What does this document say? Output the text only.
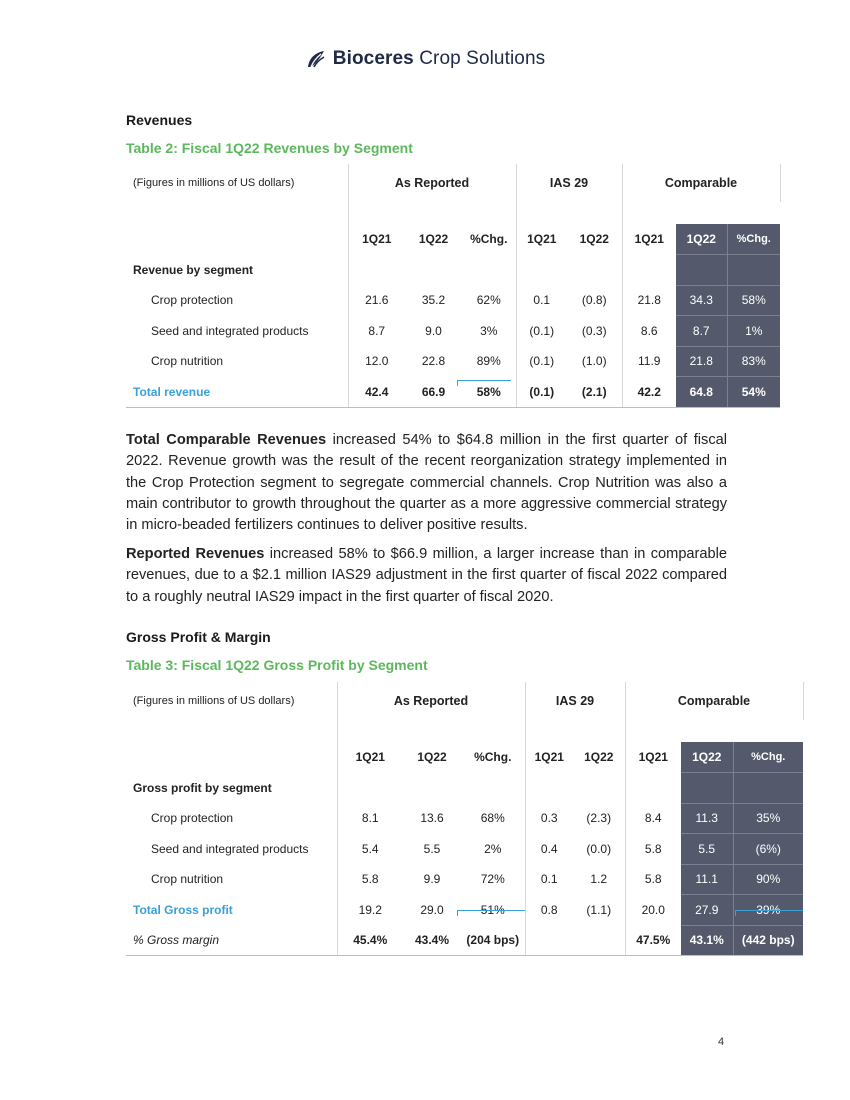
Bioceres Crop Solutions
Revenues
Table 2: Fiscal 1Q22 Revenues by Segment
(Figures in millions of US dollars)	As Reported			IAS 29		Comparable		

	1Q21	1Q22	%Chg.	1Q21	1Q22	1Q21	1Q22	%Chg.
Revenue by segment								
Crop protection	21.6	35.2	62%	0.1	(0.8)	21.8	34.3	58%
Seed and integrated products	8.7	9.0	3%	(0.1)	(0.3)	8.6	8.7	1%
Crop nutrition	12.0	22.8	89%	(0.1)	(1.0)	11.9	21.8	83%
Total revenue	42.4	66.9	58%	(0.1)	(2.1)	42.2	64.8	54%

Total Comparable Revenues increased 54% to $64.8 million in the first quarter of fiscal 2022. Revenue growth was the result of the recent reorganization strategy implemented in the Crop Protection segment to segregate commercial channels. Crop Nutrition was also a main contributor to growth throughout the quarter as a more aggressive commercial strategy in micro-beaded fertilizers continues to deliver positive results.

Reported Revenues increased 58% to $66.9 million, a larger increase than in comparable revenues, due to a $2.1 million IAS29 adjustment in the first quarter of fiscal 2022 compared to a roughly neutral IAS29 impact in the first quarter of fiscal 2020.

Gross Profit & Margin
Table 3: Fiscal 1Q22 Gross Profit by Segment
(Figures in millions of US dollars)	As Reported			IAS 29		Comparable		

	1Q21	1Q22	%Chg.	1Q21	1Q22	1Q21	1Q22	%Chg.
Gross profit by segment								
Crop protection	8.1	13.6	68%	0.3	(2.3)	8.4	11.3	35%
Seed and integrated products	5.4	5.5	2%	0.4	(0.0)	5.8	5.5	(6%)
Crop nutrition	5.8	9.9	72%	0.1	1.2	5.8	11.1	90%
Total Gross profit	19.2	29.0	51%	0.8	(1.1)	20.0	27.9	39%
% Gross margin	45.4%	43.4%	(204 bps)			47.5%	43.1%	(442 bps)
4
